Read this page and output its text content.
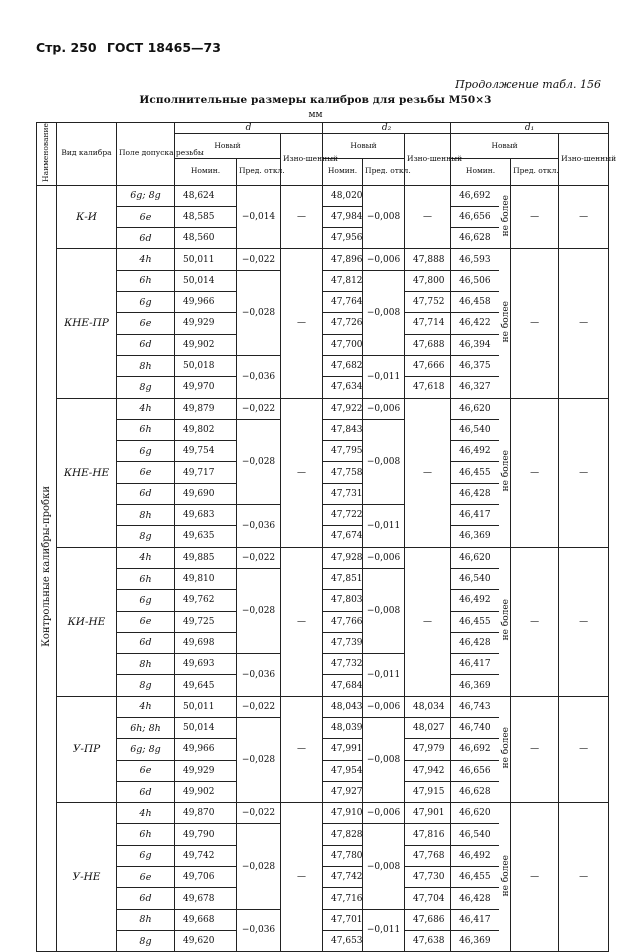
Стр. 250 ГОСТ 18465—73
Продолжение табл. 156
Исполнительные размеры калибров для резьбы М50×3
мм
Наименование	Вид калибра	Поле допуска резьбы	d			d₂			d₁			
			Новый		Изно-шенный	Новый		Изно-шенный	Новый			Изно-шенный
			Номин.	Пред. откл.		Номин.	Пред. откл.		Номин.		Пред. откл.	
Контрольные калибры-пробки	К-И	6g; 8g	48,624	−0,014	—	48,020	−0,008	—	46,692	не более	—	—
		6e	48,585			47,984			46,656			
		6d	48,560			47,956			46,628			
	КНЕ-ПР	4h	50,011	−0,022	—	47,896	−0,006	47,888	46,593	не более	—	—
		6h	50,014	−0,028		47,812	−0,008	47,800	46,506			
		6g	49,966			47,764		47,752	46,458			
		6e	49,929			47,726		47,714	46,422			
		6d	49,902			47,700		47,688	46,394			
		8h	50,018	−0,036		47,682	−0,011	47,666	46,375			
		8g	49,970			47,634		47,618	46,327			
	КНЕ-НЕ	4h	49,879	−0,022	—	47,922	−0,006	—	46,620	не более	—	—
		6h	49,802	−0,028		47,843	−0,008		46,540			
		6g	49,754			47,795			46,492			
		6e	49,717			47,758			46,455			
		6d	49,690			47,731			46,428			
		8h	49,683	−0,036		47,722	−0,011		46,417			
		8g	49,635			47,674			46,369			
	КИ-НЕ	4h	49,885	−0,022	—	47,928	−0,006	—	46,620	не более	—	—
		6h	49,810	−0,028		47,851	−0,008		46,540			
		6g	49,762			47,803			46,492			
		6e	49,725			47,766			46,455			
		6d	49,698			47,739			46,428			
		8h	49,693	−0,036		47,732	−0,011		46,417			
		8g	49,645			47,684			46,369			
	У-ПР	4h	50,011	−0,022	—	48,043	−0,006	48,034	46,743	не более	—	—
		6h; 8h	50,014	−0,028		48,039	−0,008	48,027	46,740			
		6g; 8g	49,966			47,991		47,979	46,692			
		6e	49,929			47,954		47,942	46,656			
		6d	49,902			47,927		47,915	46,628			
	У-НЕ	4h	49,870	−0,022	—	47,910	−0,006	47,901	46,620	не более	—	—
		6h	49,790	−0,028		47,828	−0,008	47,816	46,540			
		6g	49,742			47,780		47,768	46,492			
		6e	49,706			47,742		47,730	46,455			
		6d	49,678			47,716		47,704	46,428			
		8h	49,668	−0,036		47,701	−0,011	47,686	46,417			
		8g	49,620			47,653		47,638	46,369			
